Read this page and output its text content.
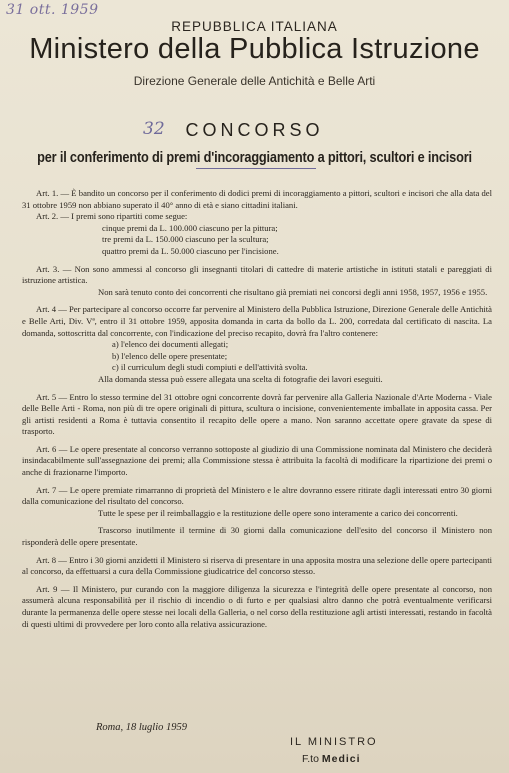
31 ott. 1959
32
REPUBBLICA ITALIANA
Ministero della Pubblica Istruzione
Direzione Generale delle Antichità e Belle Arti
CONCORSO
per il conferimento di premi d'incoraggiamento a pittori, scultori e incisori

Art. 1. — È bandito un concorso per il conferimento di dodici premi di incoraggiamento a pittori, scultori e incisori che alla data del 31 ottobre 1959 non abbiano superato il 40° anno di età e siano cittadini italiani.

Art. 2. — I premi sono ripartiti come segue:

cinque premi da L. 100.000 ciascuno per la pittura;

tre premi da L. 150.000 ciascuno per la scultura;

quattro premi da L. 50.000 ciascuno per l'incisione.

Art. 3. — Non sono ammessi al concorso gli insegnanti titolari di cattedre di materie artistiche in istituti statali e pareggiati di istruzione artistica.

Non sarà tenuto conto dei concorrenti che risultano già premiati nei concorsi degli anni 1958, 1957, 1956 e 1955.

Art. 4 — Per partecipare al concorso occorre far pervenire al Ministero della Pubblica Istruzione, Direzione Generale delle Antichità e Belle Arti, Div. Vª, entro il 31 ottobre 1959, apposita domanda in carta da bollo da L. 200, corredata dal certificato di nascita. La domanda, sottoscritta dal concorrente, con l'indicazione del preciso recapito, dovrà fra l'altro contenere:

a) l'elenco dei documenti allegati;

b) l'elenco delle opere presentate;

c) il curriculum degli studi compiuti e dell'attività svolta.

Alla domanda stessa può essere allegata una scelta di fotografie dei lavori eseguiti.

Art. 5 — Entro lo stesso termine del 31 ottobre ogni concorrente dovrà far pervenire alla Galleria Nazionale d'Arte Moderna - Viale delle Belle Arti - Roma, non più di tre opere originali di pittura, scultura o incisione, convenientemente imballate in apposita cassa. Per gli artisti residenti a Roma è tuttavia consentito il recapito delle opere a mano. Non saranno accettate opere gravate da spese di trasporto.

Art. 6 — Le opere presentate al concorso verranno sottoposte al giudizio di una Commissione nominata dal Ministero che deciderà insindacabilmente sull'assegnazione dei premi; alla Commissione stessa è attribuita la facoltà di modificare la ripartizione dei premi o anche di frazionarne l'importo.

Art. 7 — Le opere premiate rimarranno di proprietà del Ministero e le altre dovranno essere ritirate dagli interessati entro 30 giorni dalla comunicazione del risultato del concorso.

Tutte le spese per il reimballaggio e la restituzione delle opere sono interamente a carico dei concorrenti.

Trascorso inutilmente il termine di 30 giorni dalla comunicazione dell'esito del concorso il Ministero non risponderà delle opere presentate.

Art. 8 — Entro i 30 giorni anzidetti il Ministero si riserva di presentare in una apposita mostra una selezione delle opere partecipanti al concorso, da effettuarsi a cura della Commissione giudicatrice del concorso stesso.

Art. 9 — Il Ministero, pur curando con la maggiore diligenza la sicurezza e l'integrità delle opere presentate al concorso, non assumerà alcuna responsabilità per il rischio di incendio o di furto e per qualsiasi altro danno che potrà eventualmente verificarsi durante la permanenza delle opere stesse nei locali della Galleria, o nel corso della restituzione agli artisti interessati, restando in facoltà di questi ultimi di provvedere per loro conto alla relativa assicurazione.

Roma, 18 luglio 1959
IL MINISTRO
F.to Medici
